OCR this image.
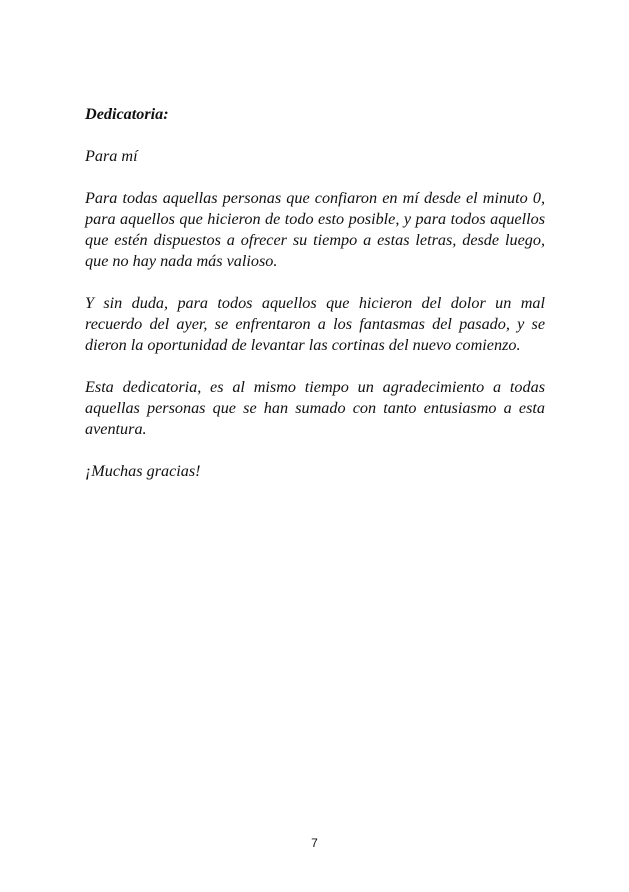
Dedicatoria:

Para mí

Para todas aquellas personas que confiaron en mí desde el minuto 0, para aquellos que hicieron de todo esto posible, y para todos aquellos que estén dispuestos a ofrecer su tiempo a estas letras, desde luego, que no hay nada más valioso.

Y sin duda, para todos aquellos que hicieron del dolor un mal recuerdo del ayer, se enfrentaron a los fantasmas del pasado, y se dieron la oportunidad de levantar las cortinas del nuevo comienzo.

Esta dedicatoria, es al mismo tiempo un agradecimiento a todas aquellas personas que se han sumado con tanto entusiasmo a esta aventura.

¡Muchas gracias!

7
